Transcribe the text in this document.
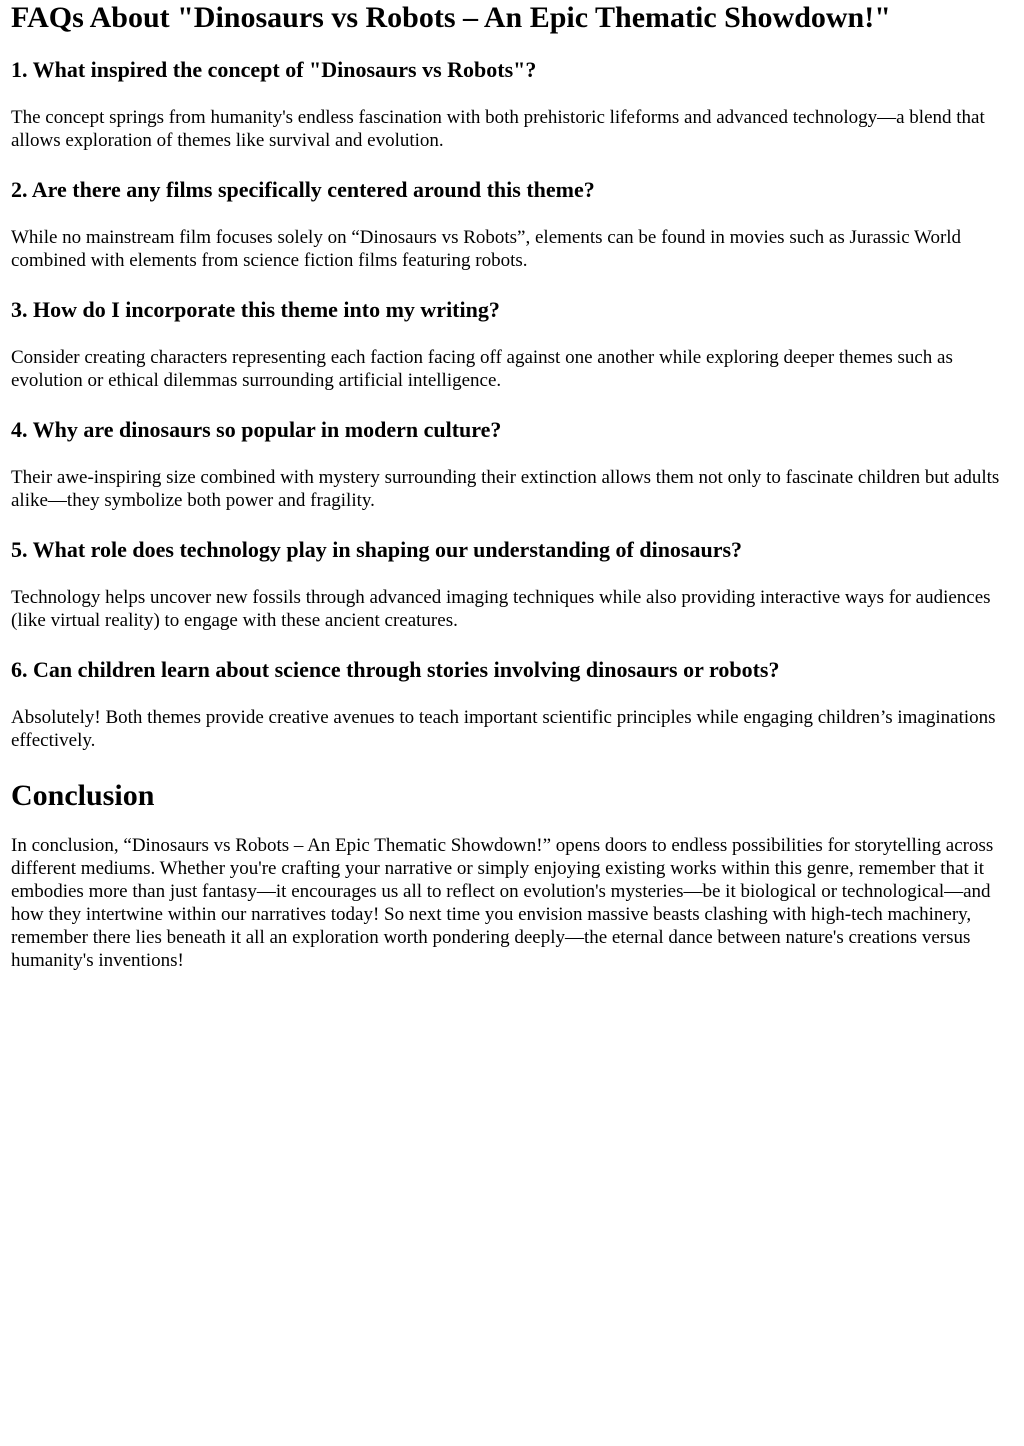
FAQs About "Dinosaurs vs Robots – An Epic Thematic Showdown!"
1. What inspired the concept of "Dinosaurs vs Robots"?

The concept springs from humanity's endless fascination with both prehistoric lifeforms and advanced technology—a blend that allows exploration of themes like survival and evolution.

2. Are there any films specifically centered around this theme?

While no mainstream film focuses solely on “Dinosaurs vs Robots”, elements can be found in movies such as Jurassic World combined with elements from science fiction films featuring robots.

3. How do I incorporate this theme into my writing?

Consider creating characters representing each faction facing off against one another while exploring deeper themes such as evolution or ethical dilemmas surrounding artificial intelligence.

4. Why are dinosaurs so popular in modern culture?

Their awe-inspiring size combined with mystery surrounding their extinction allows them not only to fascinate children but adults alike—they symbolize both power and fragility.

5. What role does technology play in shaping our understanding of dinosaurs?

Technology helps uncover new fossils through advanced imaging techniques while also providing interactive ways for audiences (like virtual reality) to engage with these ancient creatures.

6. Can children learn about science through stories involving dinosaurs or robots?

Absolutely! Both themes provide creative avenues to teach important scientific principles while engaging children’s imaginations effectively.

Conclusion

In conclusion, “Dinosaurs vs Robots – An Epic Thematic Showdown!” opens doors to endless possibilities for storytelling across different mediums. Whether you're crafting your narrative or simply enjoying existing works within this genre, remember that it embodies more than just fantasy—it encourages us all to reflect on evolution's mysteries—be it biological or technological—and how they intertwine within our narratives today! So next time you envision massive beasts clashing with high-tech machinery, remember there lies beneath it all an exploration worth pondering deeply—the eternal dance between nature's creations versus humanity's inventions!
